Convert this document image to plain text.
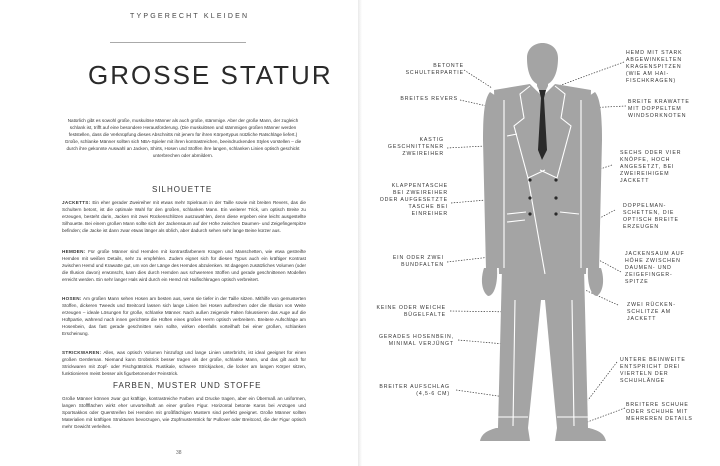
TYPGERECHT KLEIDEN
GROSSE STATUR
Natürlich gibt es sowohl große, muskulöse Männer als auch große, stämmige. Aber der große Mann, der zugleich schlank ist, trifft auf eine besondere Herausforderung. (Die muskulösen und stämmigen großen Männer werden feststellen, dass die Verknüpfung dieses Abschnitts mit jenem für ihren Körpertypus nützliche Ratschläge liefert.) Große, schlanke Männer sollten sich NBA-Spieler mit ihren kontrastreichen, beeindruckenden Styles vorstellen – die durch ihre gekonnte Auswahl an Jacken, Shirts, Hosen und Stoffen ihre langen, schlanken Linien optisch geschickt unterbrechen oder abmildern.
SILHOUETTE
JACKETTS: Ein eher gerader Zweireiher mit etwas mehr Spielraum in der Taille sowie mit breiten Revers, das die Schultern betont, ist die optimale Wahl für den großen, schlanken Mann. Ein weiterer Trick, um optisch Breite zu erzeugen, besteht darin, Jacken mit zwei Rückenschlitzen auszuwählen, denn diese ergeben eine leicht ausgestellte Silhouette. Bei einem großen Mann sollte sich der Jackensaum auf der Höhe zwischen Daumen- und Zeigefingerspitze befinden; die Jacke ist dann zwar etwas länger als üblich, aber dadurch sehen sehr lange Beine kürzer aus.
HEMDEN: Für große Männer sind Hemden mit kontrastfarbenem Kragen und Manschetten, wie etwa gestreifte Hemden mit weißen Details, sehr zu empfehlen. Zudem eignet sich für diesen Typus auch ein kräftiger Kontrast zwischen Hemd und Krawatte gut, um von der Länge des Hemdes abzulenken. Ist dagegen zusätzliches Volumen (oder die Illusion davon) erwünscht, kann dies durch Hemden aus schwereren Stoffen und gerade geschnittenen Modellen erreicht werden. Ein sehr langer Hals wird durch ein Hemd mit Haifischkragen optisch verbreitert.
HOSEN: Am großen Mann sehen Hosen am besten aus, wenn sie tiefer in der Taille sitzen. Mithilfe von gemusterten Stoffen, dickeren Tweeds und Breitcord lassen sich lange Linien bei Hosen aufbrechen oder die Illusion von Weite erzeugen – ideale Lösungen für große, schlanke Männer. Nach außen zeigende Falten fokussieren das Auge auf die Hüftpartie, während nach innen gerichtete die Hüften eines großen Herrn optisch verbreitern. Breitere Aufschläge am Hosenbein, das fast gerade geschnitten sein sollte, wirken ebenfalls vorteilhaft bei einer großen, schlanken Erscheinung.
STRICKWAREN: Alles, was optisch Volumen hinzufügt und lange Linien unterbricht, ist ideal geeignet für einen großen Gentleman. Niemand kann Grobstrick besser tragen als der große, schlanke Mann, und das gilt auch für Strickwaren mit Zopf- oder Fischgrätstrick. Rustikale, schwere Strickjacken, die locker am langen Körper sitzen, funktionieren meist besser als figurbetonender Feinstrick.
FARBEN, MUSTER UND STOFFE
Große Männer können zwar gut kräftige, kontrastreiche Farben und Drucke tragen, aber ein Übermaß an uniformen, langen Stoffflächen wirkt eher unvorteilhaft an einer großen Figur. Horizontal betonte Karos bei Anzügen und Sportsakkos oder Querstreifen bei Hemden mit großflächigen Mustern sind perfekt geeignet. Große Männer sollten Materialien mit kräftigen Strukturen bevorzugen, wie Zopfmusterstrick für Pullover oder Breitcord, die der Figur optisch mehr Gewicht verleihen.
38
BETONTE
SCHULTERPARTIE
BREITES REVERS
KASTIG
GESCHNITTENER
ZWEIREIHER
KLAPPENTASCHE
BEI ZWEIREIHER
ODER AUFGESETZTE
TASCHE BEI
EINREIHER
EIN ODER ZWEI
BUNDFALTEN
KEINE ODER WEICHE
BÜGELFALTE
GERADES HOSENBEIN,
MINIMAL VERJÜNGT
BREITER AUFSCHLAG
(4,5-6 CM)
HEMD MIT STARK
ABGEWINKELTEN
KRAGENSPITZEN
(WIE AM HAI-
FISCHKRAGEN)
BREITE KRAWATTE
MIT DOPPELTEM
WINDSORKNOTEN
SECHS ODER VIER
KNÖPFE, HOCH
ANGESETZT, BEI
ZWEIREIHIGEM
JACKETT
DOPPELMAN-
SCHETTEN, DIE
OPTISCH BREITE
ERZEUGEN
JACKENSAUM AUF
HÖHE ZWISCHEN
DAUMEN- UND
ZEIGEFINGER-
SPITZE
ZWEI RÜCKEN-
SCHLITZE AM
JACKETT
UNTERE BEINWEITE
ENTSPRICHT DREI
VIERTELN DER
SCHUHLÄNGE
BREITERE SCHUHE
ODER SCHUHE MIT
MEHREREN DETAILS
